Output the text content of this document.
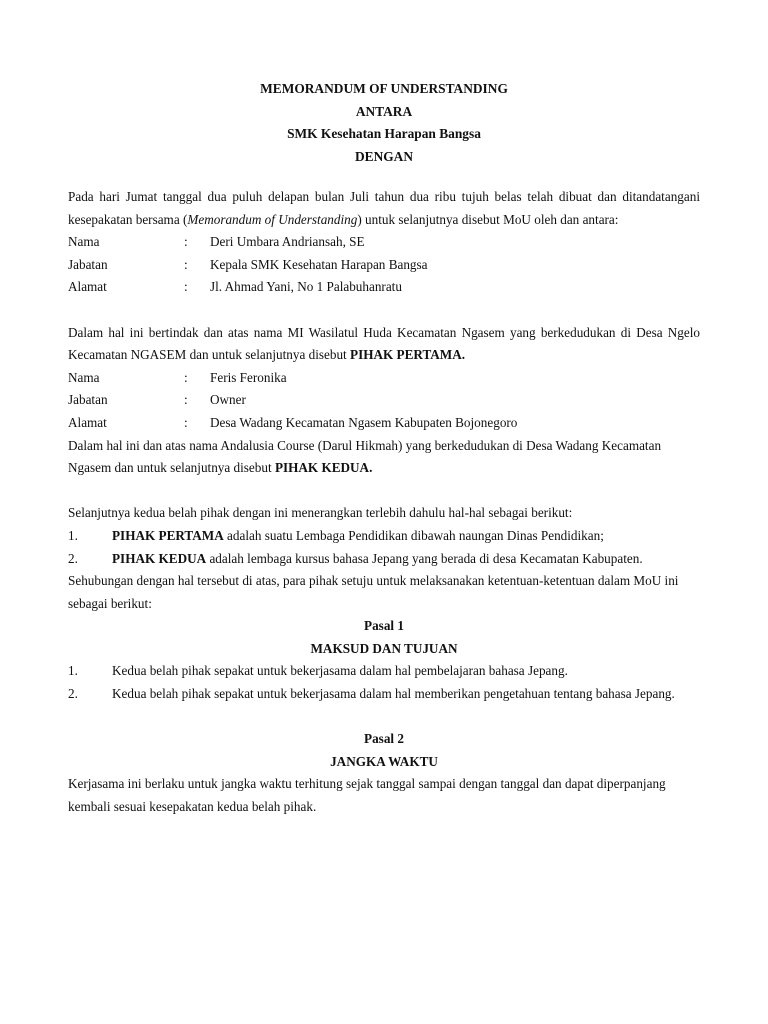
MEMORANDUM OF UNDERSTANDING
ANTARA
SMK Kesehatan Harapan Bangsa
DENGAN
Pada hari Jumat tanggal dua puluh delapan bulan Juli tahun dua ribu tujuh belas telah dibuat dan ditandatangani kesepakatan bersama (Memorandum of Understanding) untuk selanjutnya disebut MoU oleh dan antara:
Nama	:	Deri Umbara Andriansah, SE
Jabatan	:	Kepala SMK Kesehatan Harapan Bangsa
Alamat	:	Jl. Ahmad Yani, No 1 Palabuhanratu
Dalam hal ini bertindak dan atas nama MI Wasilatul Huda Kecamatan Ngasem yang berkedudukan di Desa Ngelo Kecamatan NGASEM dan untuk selanjutnya disebut PIHAK PERTAMA.
Nama	:	Feris Feronika
Jabatan	:	Owner
Alamat	:	Desa Wadang Kecamatan Ngasem Kabupaten Bojonegoro
Dalam hal ini dan atas nama Andalusia Course (Darul Hikmah) yang berkedudukan di Desa Wadang Kecamatan Ngasem dan untuk selanjutnya disebut PIHAK KEDUA.
Selanjutnya kedua belah pihak dengan ini menerangkan terlebih dahulu hal-hal sebagai berikut:
1.	PIHAK PERTAMA adalah suatu Lembaga Pendidikan dibawah naungan Dinas Pendidikan;
2.	PIHAK KEDUA adalah lembaga kursus bahasa Jepang yang berada di desa Kecamatan Kabupaten.
Sehubungan dengan hal tersebut di atas, para pihak setuju untuk melaksanakan ketentuan-ketentuan dalam MoU ini sebagai berikut:
Pasal 1
MAKSUD DAN TUJUAN
1.	Kedua belah pihak sepakat untuk bekerjasama dalam hal pembelajaran bahasa Jepang.
2.	Kedua belah pihak sepakat untuk bekerjasama dalam hal memberikan pengetahuan tentang bahasa Jepang.
Pasal 2
JANGKA WAKTU
Kerjasama ini berlaku untuk jangka waktu terhitung sejak tanggal sampai dengan tanggal dan dapat diperpanjang kembali sesuai kesepakatan kedua belah pihak.
